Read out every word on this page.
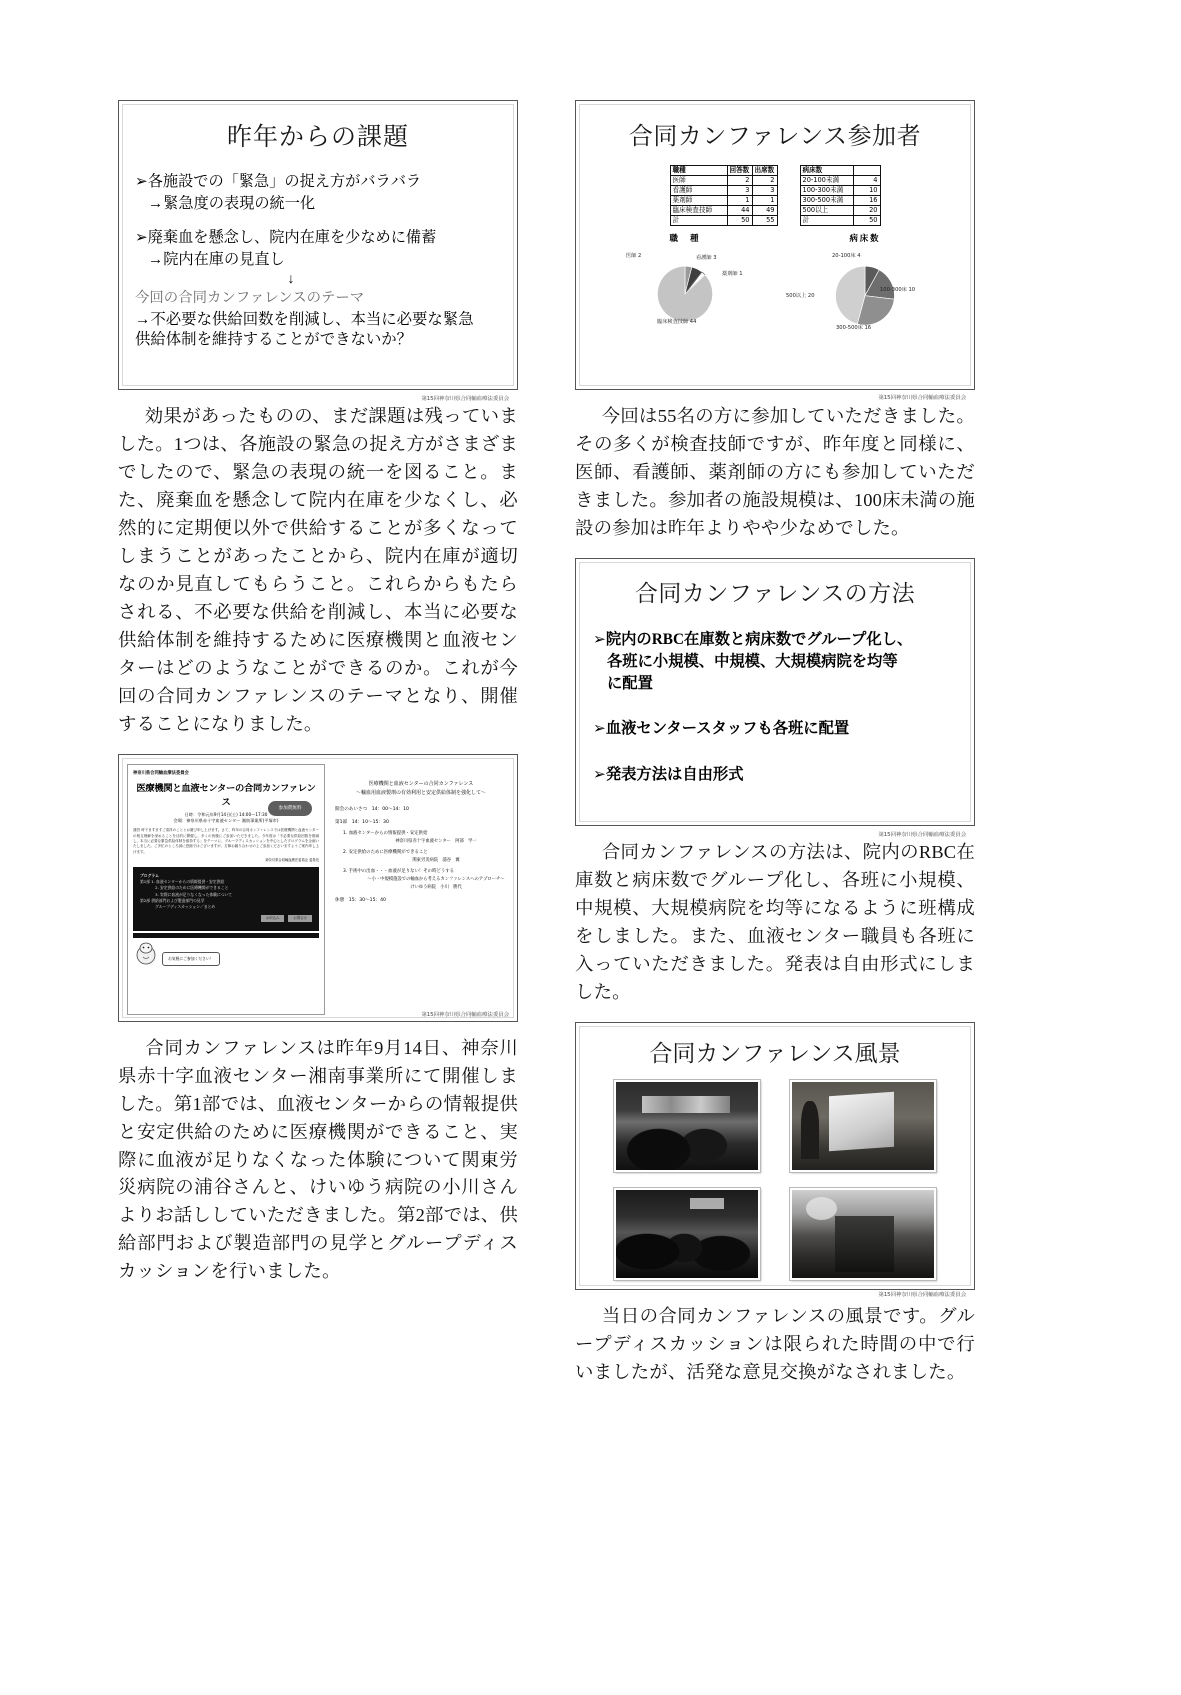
昨年からの課題
➢各施設での「緊急」の捉え方がバラバラ
→緊急度の表現の統一化
➢廃棄血を懸念し、院内在庫を少なめに備蓄
→院内在庫の見直し
↓
今回の合同カンファレンスのテーマ
→不必要な供給回数を削減し、本当に必要な緊急
供給体制を維持することができないか？
第15回神奈川県合同輸血療法委員会

効果があったものの、まだ課題は残っていました。1つは、各施設の緊急の捉え方がさまざまでしたので、緊急の表現の統一を図ること。また、廃棄血を懸念して院内在庫を少なくし、必然的に定期便以外で供給することが多くなってしまうことがあったことから、院内在庫が適切なのか見直してもらうこと。これらからもたらされる、不必要な供給を削減し、本当に必要な供給体制を維持するために医療機関と血液センターはどのようなことができるのか。これが今回の合同カンファレンスのテーマとなり、開催することになりました。

神奈川県合同輸血療法委員会
医療機関と血液センターの合同カンファレンス
日時：令和元年9月14日(土) 14:00～17:30
会場：神奈川県赤十字血液センター 湘南事業所(平塚市)
参加費無料
謹啓 時下ますますご清祥のこととお慶び申し上げます。さて、昨年の合同カンファレンスでは医療機関と血液センターの相互理解を深めることを目的に開催し、多くの皆様にご参加いただきました。今年度は「不必要な供給回数を削減し、本当に必要な緊急供給体制を維持する」をテーマに、グループディスカッションを中心としたプログラムを企画いたしました。ご多忙のところ誠に恐縮ではございますが、万障お繰り合わせの上ご参加くださいますようご案内申し上げます。
神奈川県合同輸血療法委員会 委員長
プログラム
第1部 1. 血液センターからの情報提供・安定供給
　　　　2. 安定供給のために医療機関ができること
　　　　3. 実際に血液が足りなくなった体験について
第2部 供給部門および製造部門の見学
　　　　グループディスカッション／まとめ
お申込み	お問合せ
お気軽にご参加ください！
医療機関と血液センターの合同カンファレンス
～輸血用血液製剤の有効利用と安定供給体制を強化して～
開会のあいさつ　14：00～14：10
第1部　14：10～15：30
1. 血液センターからの情報提供・安定供給
神奈川県赤十字血液センター　阿部　学一
2. 安定供給のために医療機関ができること
関東労災病院　浦谷　翼
3. 手術中の出血・・・血液が足りない！その時どうする
～小・中規模施設での輸血から考えるカンファレンスへのアプローチ～
けいゆう病院　小川　勝代
休憩　15：30～15：40
第15回神奈川県合同輸血療法委員会

合同カンファレンスは昨年9月14日、神奈川県赤十字血液センター湘南事業所にて開催しました。第1部では、血液センターからの情報提供と安定供給のために医療機関ができること、実際に血液が足りなくなった体験について関東労災病院の浦谷さんと、けいゆう病院の小川さんよりお話ししていただきました。第2部では、供給部門および製造部門の見学とグループディスカッションを行いました。

合同カンファレンス参加者
職種	回答数	出席数
医師	2	2
看護師	3	3
薬剤師	1	1
臨床検査技師	44	49
計	50	55
病床数	
20-100未満	4
100-300未満	10
300-500未満	16
500以上	20
計	50
職　種
医師 2	看護師 3
薬剤師 1
臨床検査技師 44
病床数
20-100床 4
100-300床 10
300-500床 16
500以上 20
第15回神奈川県合同輸血療法委員会

今回は55名の方に参加していただきました。その多くが検査技師ですが、昨年度と同様に、医師、看護師、薬剤師の方にも参加していただきました。参加者の施設規模は、100床未満の施設の参加は昨年よりやや少なめでした。

合同カンファレンスの方法
➢院内のRBC在庫数と病床数でグループ化し、
各班に小規模、中規模、大規模病院を均等
に配置
➢血液センタースタッフも各班に配置
➢発表方法は自由形式
第15回神奈川県合同輸血療法委員会

合同カンファレンスの方法は、院内のRBC在庫数と病床数でグループ化し、各班に小規模、中規模、大規模病院を均等になるように班構成をしました。また、血液センター職員も各班に入っていただきました。発表は自由形式にしました。

合同カンファレンス風景
第15回神奈川県合同輸血療法委員会

当日の合同カンファレンスの風景です。グループディスカッションは限られた時間の中で行いましたが、活発な意見交換がなされました。
